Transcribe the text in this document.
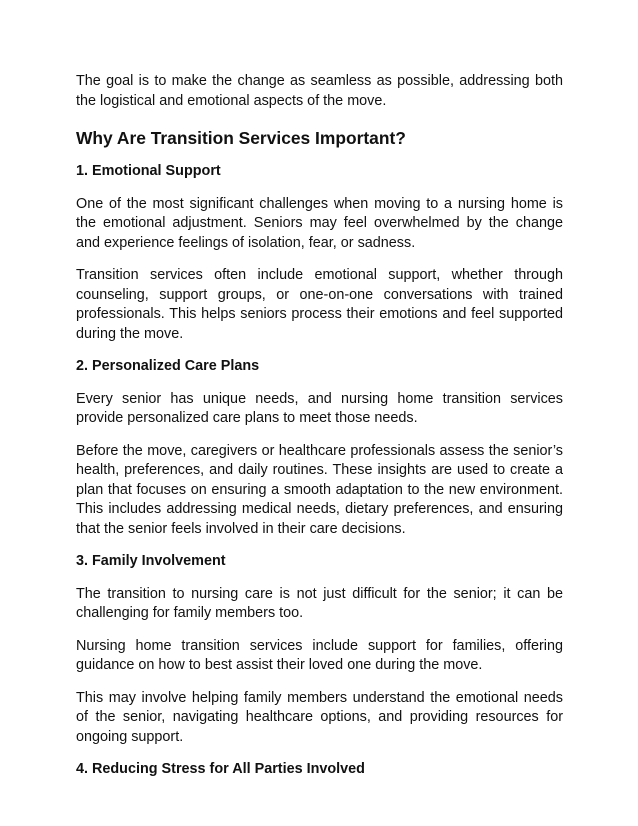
The goal is to make the change as seamless as possible, addressing both the logistical and emotional aspects of the move.

Why Are Transition Services Important?
1. Emotional Support

One of the most significant challenges when moving to a nursing home is the emotional adjustment. Seniors may feel overwhelmed by the change and experience feelings of isolation, fear, or sadness.

Transition services often include emotional support, whether through counseling, support groups, or one-on-one conversations with trained professionals. This helps seniors process their emotions and feel supported during the move.

2. Personalized Care Plans

Every senior has unique needs, and nursing home transition services provide personalized care plans to meet those needs.

Before the move, caregivers or healthcare professionals assess the senior’s health, preferences, and daily routines. These insights are used to create a plan that focuses on ensuring a smooth adaptation to the new environment. This includes addressing medical needs, dietary preferences, and ensuring that the senior feels involved in their care decisions.

3. Family Involvement

The transition to nursing care is not just difficult for the senior; it can be challenging for family members too.

Nursing home transition services include support for families, offering guidance on how to best assist their loved one during the move.

This may involve helping family members understand the emotional needs of the senior, navigating healthcare options, and providing resources for ongoing support.

4. Reducing Stress for All Parties Involved
